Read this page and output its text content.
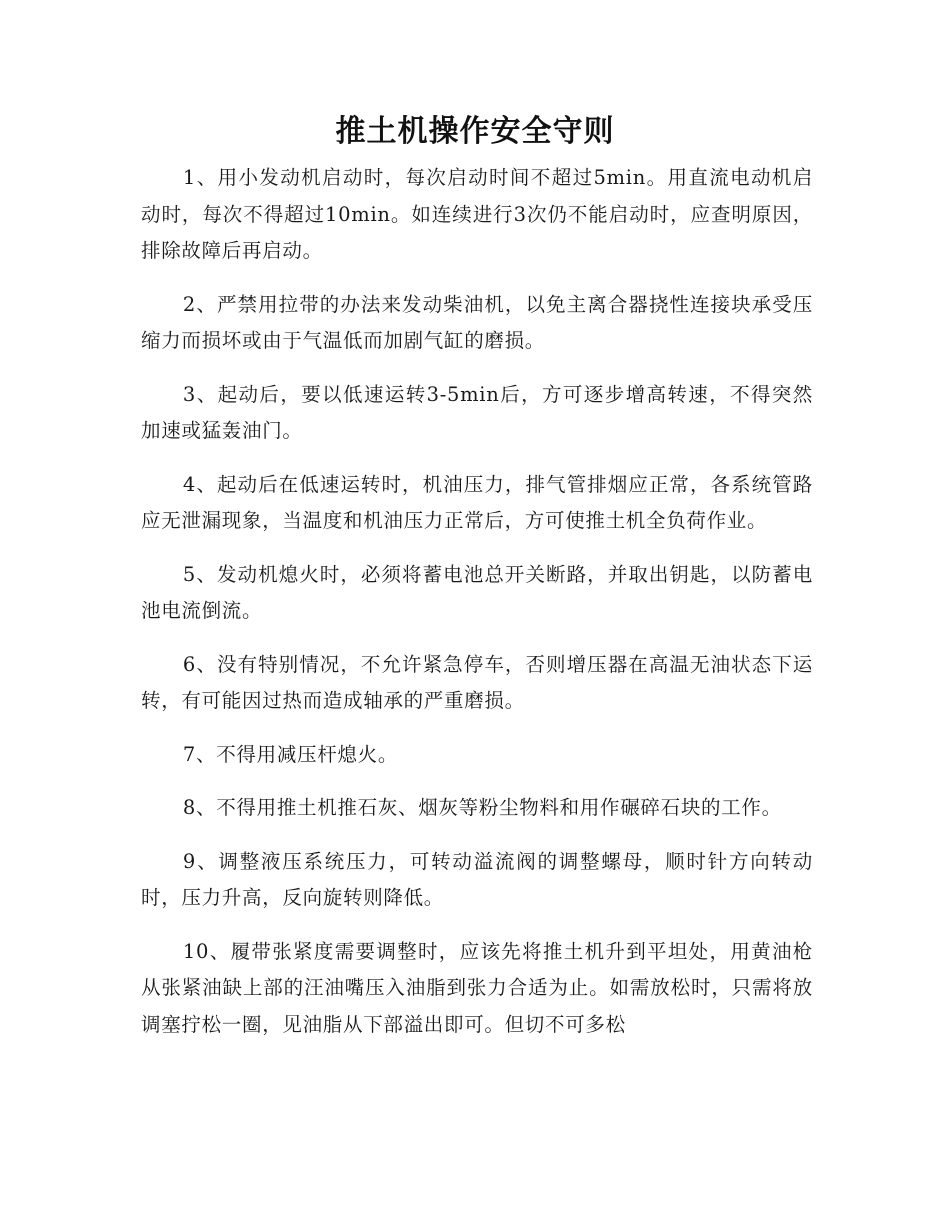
推土机操作安全守则

1、用小发动机启动时，每次启动时间不超过5min。用直流电动机启动时，每次不得超过10min。如连续进行3次仍不能启动时，应查明原因，排除故障后再启动。

2、严禁用拉带的办法来发动柴油机，以免主离合器挠性连接块承受压缩力而损坏或由于气温低而加剧气缸的磨损。

3、起动后，要以低速运转3-5min后，方可逐步增高转速，不得突然加速或猛轰油门。

4、起动后在低速运转时，机油压力，排气管排烟应正常，各系统管路应无泄漏现象，当温度和机油压力正常后，方可使推土机全负荷作业。

5、发动机熄火时，必须将蓄电池总开关断路，并取出钥匙，以防蓄电池电流倒流。

6、没有特别情况，不允许紧急停车，否则增压器在高温无油状态下运转，有可能因过热而造成轴承的严重磨损。

7、不得用减压杆熄火。

8、不得用推土机推石灰、烟灰等粉尘物料和用作碾碎石块的工作。

9、调整液压系统压力，可转动溢流阀的调整螺母，顺时针方向转动时，压力升高，反向旋转则降低。

10、履带张紧度需要调整时，应该先将推土机升到平坦处，用黄油枪从张紧油缺上部的汪油嘴压入油脂到张力合适为止。如需放松时，只需将放调塞拧松一圈，见油脂从下部溢出即可。但切不可多松
